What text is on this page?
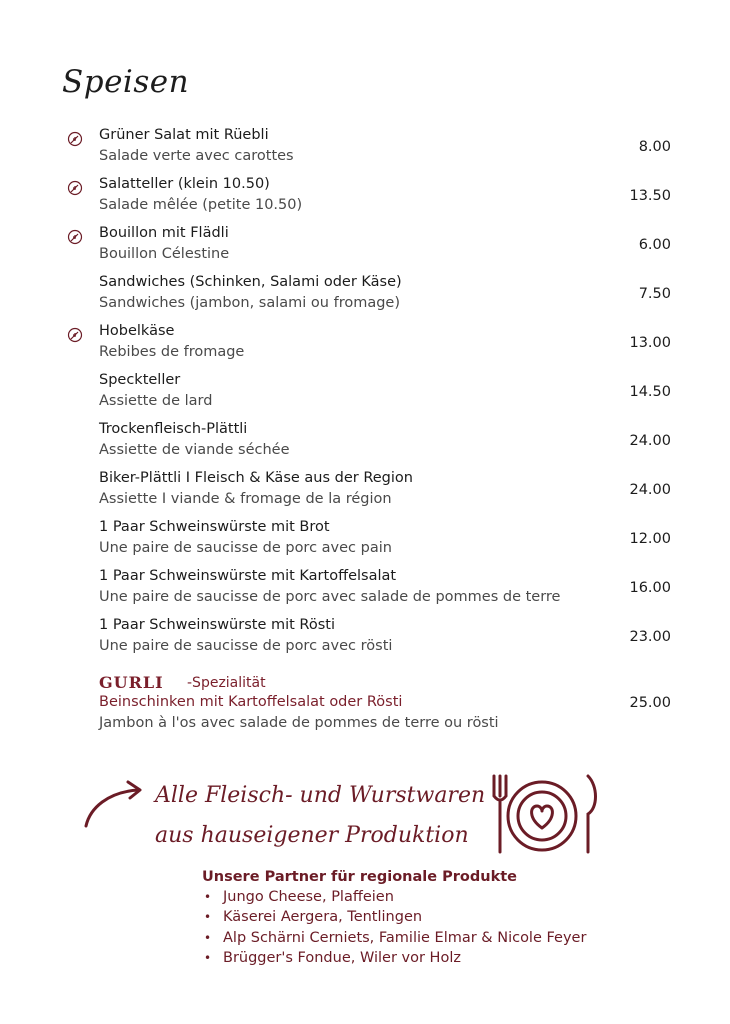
Speisen
Grüner Salat mit Rüebli
Salade verte avec carottes
8.00
Salatteller (klein 10.50)
Salade mêlée (petite 10.50)
13.50
Bouillon mit Flädli
Bouillon Célestine
6.00
Sandwiches (Schinken, Salami oder Käse)
Sandwiches (jambon, salami ou fromage)
7.50
Hobelkäse
Rebibes de fromage
13.00
Speckteller
Assiette de lard
14.50
Trockenfleisch-Plättli
Assiette de viande séchée
24.00
Biker-Plättli I Fleisch & Käse aus der Region
Assiette I viande & fromage de la région
24.00
1 Paar Schweinswürste mit Brot
Une paire de saucisse de porc avec pain
12.00
1 Paar Schweinswürste mit Kartoffelsalat
Une paire de saucisse de porc avec salade de pommes de terre
16.00
1 Paar Schweinswürste mit Rösti
Une paire de saucisse de porc avec rösti
23.00
GURLI -Spezialität
Beinschinken mit Kartoffelsalat oder Rösti
Jambon à l'os avec salade de pommes de terre ou rösti
25.00
Alle Fleisch- und Wurstwaren
aus hauseigener Produktion
Unsere Partner für regionale Produkte
• Jungo Cheese, Plaffeien
• Käserei Aergera, Tentlingen
• Alp Schärni Cerniets, Familie Elmar & Nicole Feyer
• Brügger's Fondue, Wiler vor Holz
